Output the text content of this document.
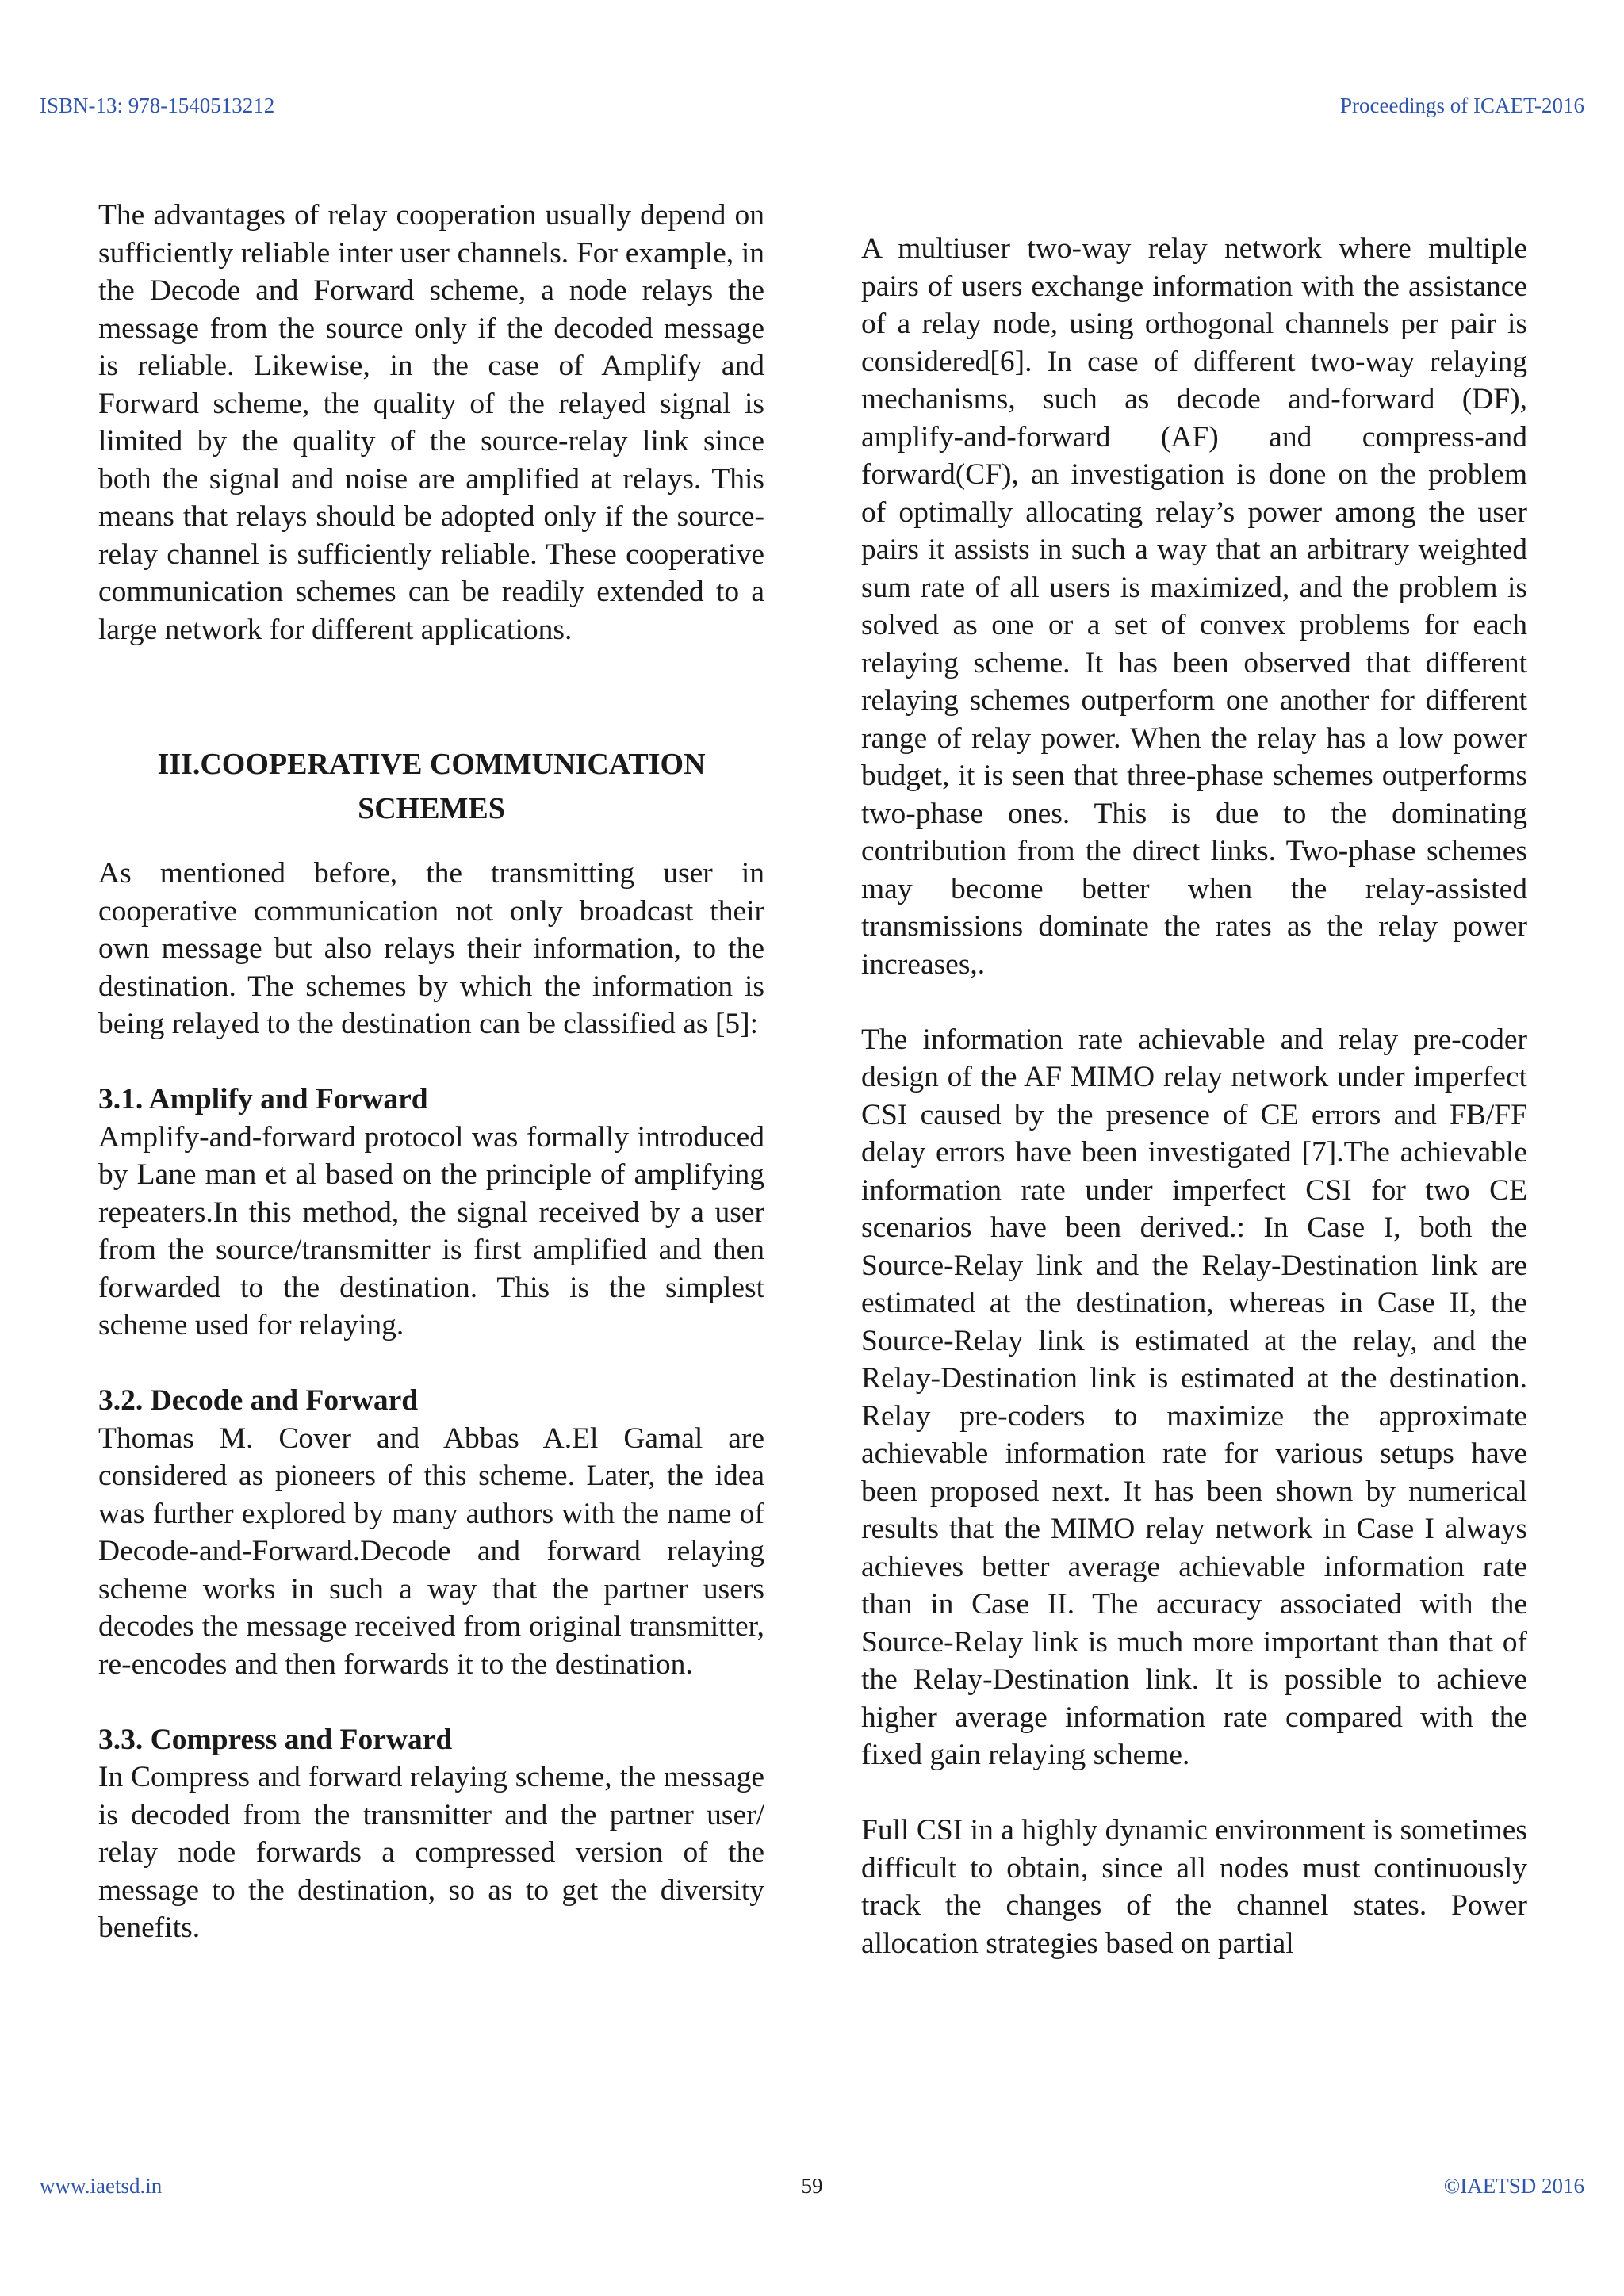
ISBN-13: 978-1540513212	Proceedings of ICAET-2016

The advantages of relay cooperation usually depend on sufficiently reliable inter user channels. For example, in the Decode and Forward scheme, a node relays the message from the source only if the decoded message is reliable. Likewise, in the case of Amplify and Forward scheme, the quality of the relayed signal is limited by the quality of the source-relay link since both the signal and noise are amplified at relays. This means that relays should be adopted only if the source-relay channel is sufficiently reliable. These cooperative communication schemes can be readily extended to a large network for different applications.

III.COOPERATIVE COMMUNICATION
SCHEMES

As mentioned before, the transmitting user in cooperative communication not only broadcast their own message but also relays their information, to the destination. The schemes by which the information is being relayed to the destination can be classified as [5]:

3.1. Amplify and Forward

Amplify-and-forward protocol was formally introduced by Lane man et al based on the principle of amplifying repeaters.In this method, the signal received by a user from the source/transmitter is first amplified and then forwarded to the destination. This is the simplest scheme used for relaying.

3.2. Decode and Forward

Thomas M. Cover and Abbas A.El Gamal are considered as pioneers of this scheme. Later, the idea was further explored by many authors with the name of Decode-and-Forward.Decode and forward relaying scheme works in such a way that the partner users decodes the message received from original transmitter, re-encodes and then forwards it to the destination.

3.3. Compress and Forward

In Compress and forward relaying scheme, the message is decoded from the transmitter and the partner user/ relay node forwards a compressed version of the message to the destination, so as to get the diversity benefits.

A multiuser two-way relay network where multiple pairs of users exchange information with the assistance of a relay node, using orthogonal channels per pair is considered[6]. In case of different two-way relaying mechanisms, such as decode and-forward (DF), amplify-and-forward (AF) and compress-and forward(CF), an investigation is done on the problem of optimally allocating relay’s power among the user pairs it assists in such a way that an arbitrary weighted sum rate of all users is maximized, and the problem is solved as one or a set of convex problems for each relaying scheme. It has been observed that different relaying schemes outperform one another for different range of relay power. When the relay has a low power budget, it is seen that three-phase schemes outperforms two-phase ones. This is due to the dominating contribution from the direct links. Two-phase schemes may become better when the relay-assisted transmissions dominate the rates as the relay power increases,.

The information rate achievable and relay pre-coder design of the AF MIMO relay network under imperfect CSI caused by the presence of CE errors and FB/FF delay errors have been investigated [7].The achievable information rate under imperfect CSI for two CE scenarios have been derived.: In Case I, both the Source-Relay link and the Relay-Destination link are estimated at the destination, whereas in Case II, the Source-Relay link is estimated at the relay, and the Relay-Destination link is estimated at the destination. Relay pre-coders to maximize the approximate achievable information rate for various setups have been proposed next. It has been shown by numerical results that the MIMO relay network in Case I always achieves better average achievable information rate than in Case II. The accuracy associated with the Source-Relay link is much more important than that of the Relay-Destination link. It is possible to achieve higher average information rate compared with the fixed gain relaying scheme.

Full CSI in a highly dynamic environment is sometimes difficult to obtain, since all nodes must continuously track the changes of the channel states. Power allocation strategies based on partial

www.iaetsd.in	59	©IAETSD 2016
